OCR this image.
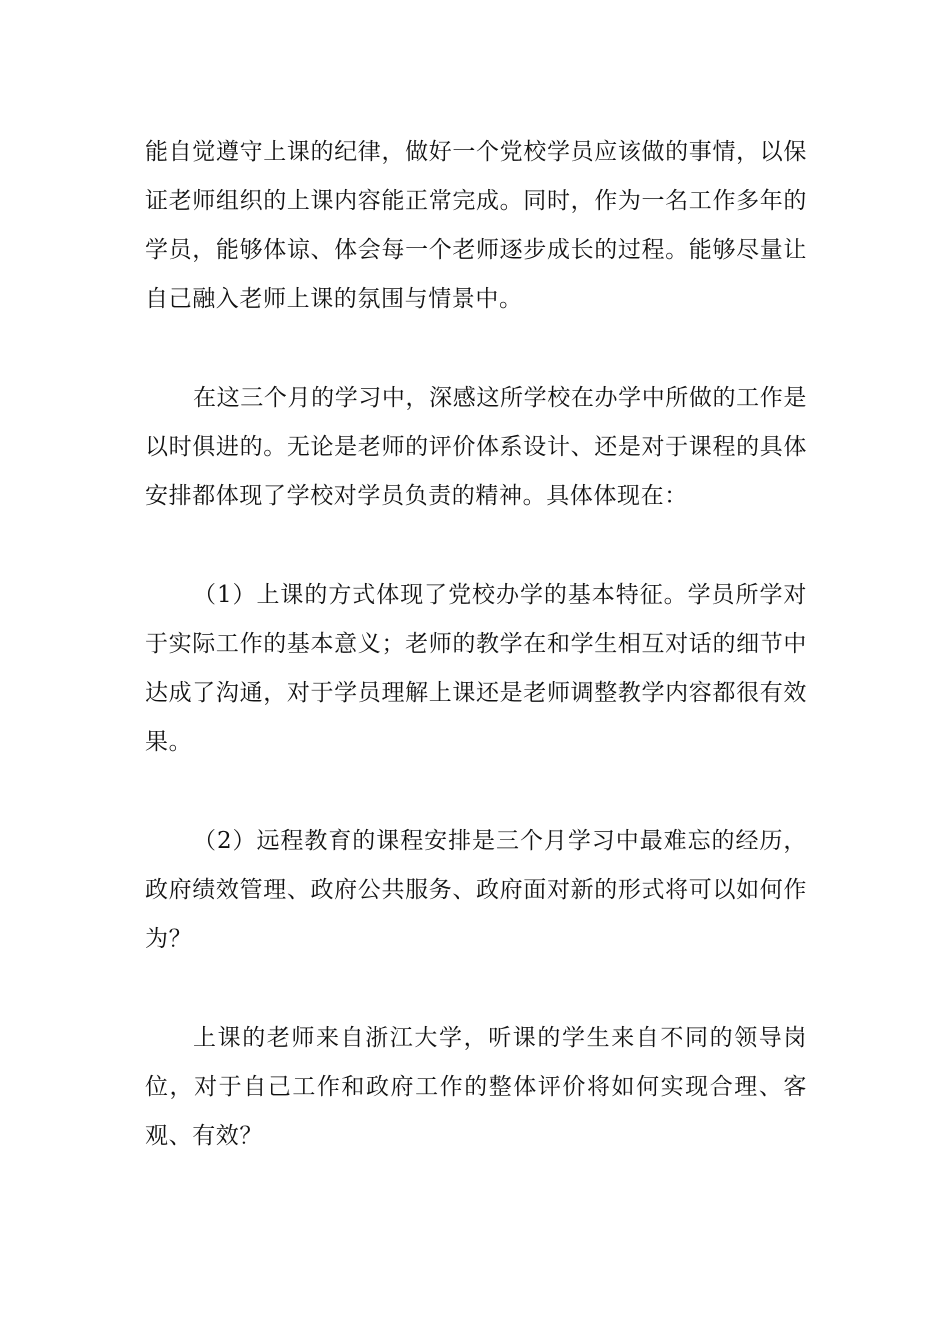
能自觉遵守上课的纪律，做好一个党校学员应该做的事情，以保证老师组织的上课内容能正常完成。同时，作为一名工作多年的学员，能够体谅、体会每一个老师逐步成长的过程。能够尽量让自己融入老师上课的氛围与情景中。

在这三个月的学习中，深感这所学校在办学中所做的工作是以时俱进的。无论是老师的评价体系设计、还是对于课程的具体安排都体现了学校对学员负责的精神。具体体现在：

（1）上课的方式体现了党校办学的基本特征。学员所学对于实际工作的基本意义；老师的教学在和学生相互对话的细节中达成了沟通，对于学员理解上课还是老师调整教学内容都很有效果。

（2）远程教育的课程安排是三个月学习中最难忘的经历，政府绩效管理、政府公共服务、政府面对新的形式将可以如何作为？

上课的老师来自浙江大学，听课的学生来自不同的领导岗位，对于自己工作和政府工作的整体评价将如何实现合理、客观、有效？
